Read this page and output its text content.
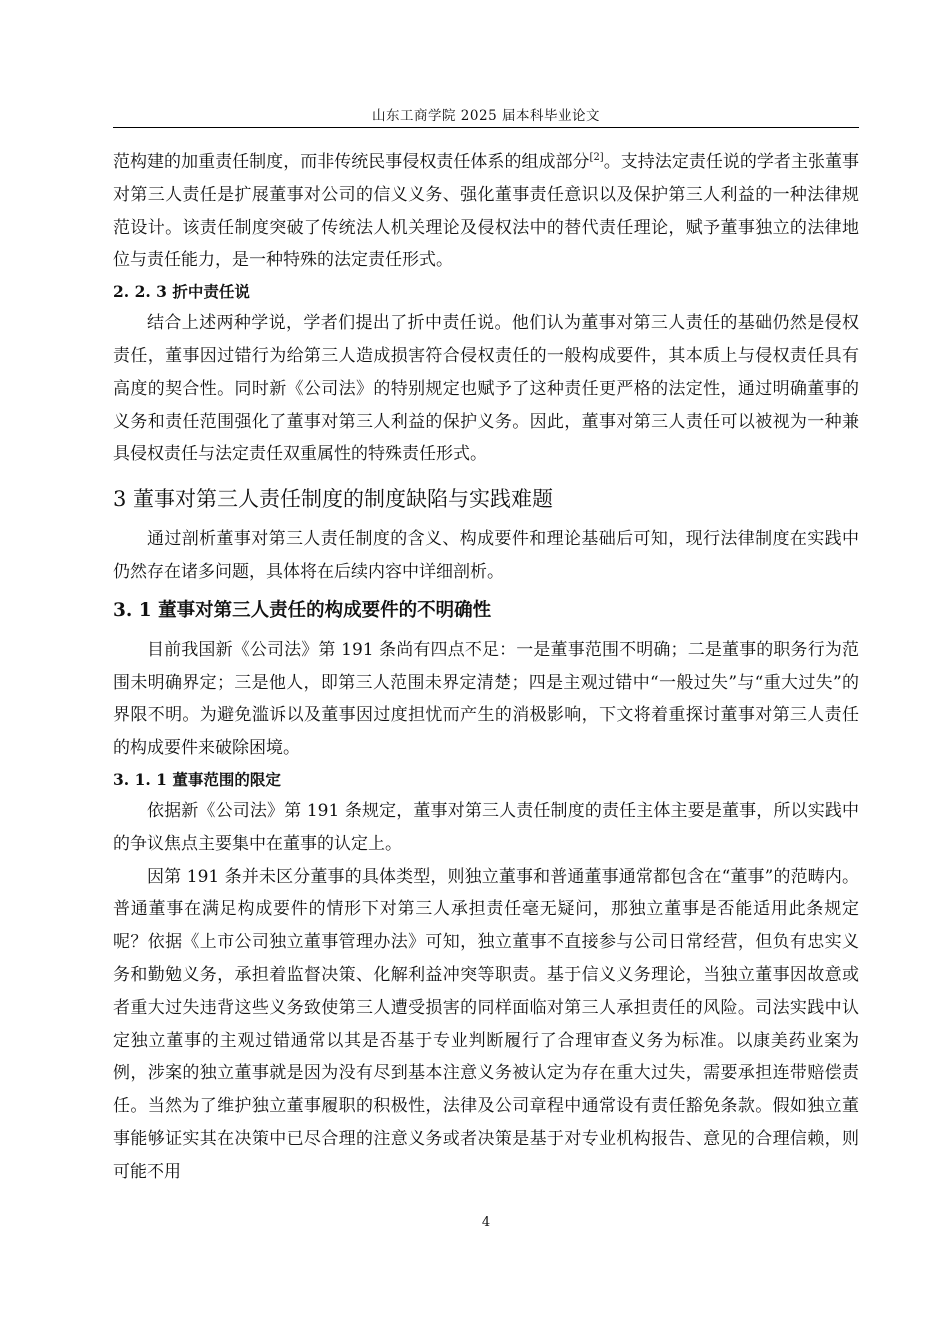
山东工商学院 2025 届本科毕业论文

范构建的加重责任制度，而非传统民事侵权责任体系的组成部分[2]。支持法定责任说的学者主张董事对第三人责任是扩展董事对公司的信义义务、强化董事责任意识以及保护第三人利益的一种法律规范设计。该责任制度突破了传统法人机关理论及侵权法中的替代责任理论，赋予董事独立的法律地位与责任能力，是一种特殊的法定责任形式。

2. 2. 3 折中责任说

结合上述两种学说，学者们提出了折中责任说。他们认为董事对第三人责任的基础仍然是侵权责任，董事因过错行为给第三人造成损害符合侵权责任的一般构成要件，其本质上与侵权责任具有高度的契合性。同时新《公司法》的特别规定也赋予了这种责任更严格的法定性，通过明确董事的义务和责任范围强化了董事对第三人利益的保护义务。因此，董事对第三人责任可以被视为一种兼具侵权责任与法定责任双重属性的特殊责任形式。

3 董事对第三人责任制度的制度缺陷与实践难题

通过剖析董事对第三人责任制度的含义、构成要件和理论基础后可知，现行法律制度在实践中仍然存在诸多问题，具体将在后续内容中详细剖析。

3. 1 董事对第三人责任的构成要件的不明确性

目前我国新《公司法》第 191 条尚有四点不足：一是董事范围不明确；二是董事的职务行为范围未明确界定；三是他人，即第三人范围未界定清楚；四是主观过错中“一般过失”与“重大过失”的界限不明。为避免滥诉以及董事因过度担忧而产生的消极影响，下文将着重探讨董事对第三人责任的构成要件来破除困境。

3. 1. 1 董事范围的限定

依据新《公司法》第 191 条规定，董事对第三人责任制度的责任主体主要是董事，所以实践中的争议焦点主要集中在董事的认定上。

因第 191 条并未区分董事的具体类型，则独立董事和普通董事通常都包含在“董事”的范畴内。普通董事在满足构成要件的情形下对第三人承担责任毫无疑问，那独立董事是否能适用此条规定呢？依据《上市公司独立董事管理办法》可知，独立董事不直接参与公司日常经营，但负有忠实义务和勤勉义务，承担着监督决策、化解利益冲突等职责。基于信义义务理论，当独立董事因故意或者重大过失违背这些义务致使第三人遭受损害的同样面临对第三人承担责任的风险。司法实践中认定独立董事的主观过错通常以其是否基于专业判断履行了合理审查义务为标准。以康美药业案为例，涉案的独立董事就是因为没有尽到基本注意义务被认定为存在重大过失，需要承担连带赔偿责任。当然为了维护独立董事履职的积极性，法律及公司章程中通常设有责任豁免条款。假如独立董事能够证实其在决策中已尽合理的注意义务或者决策是基于对专业机构报告、意见的合理信赖，则可能不用

4
